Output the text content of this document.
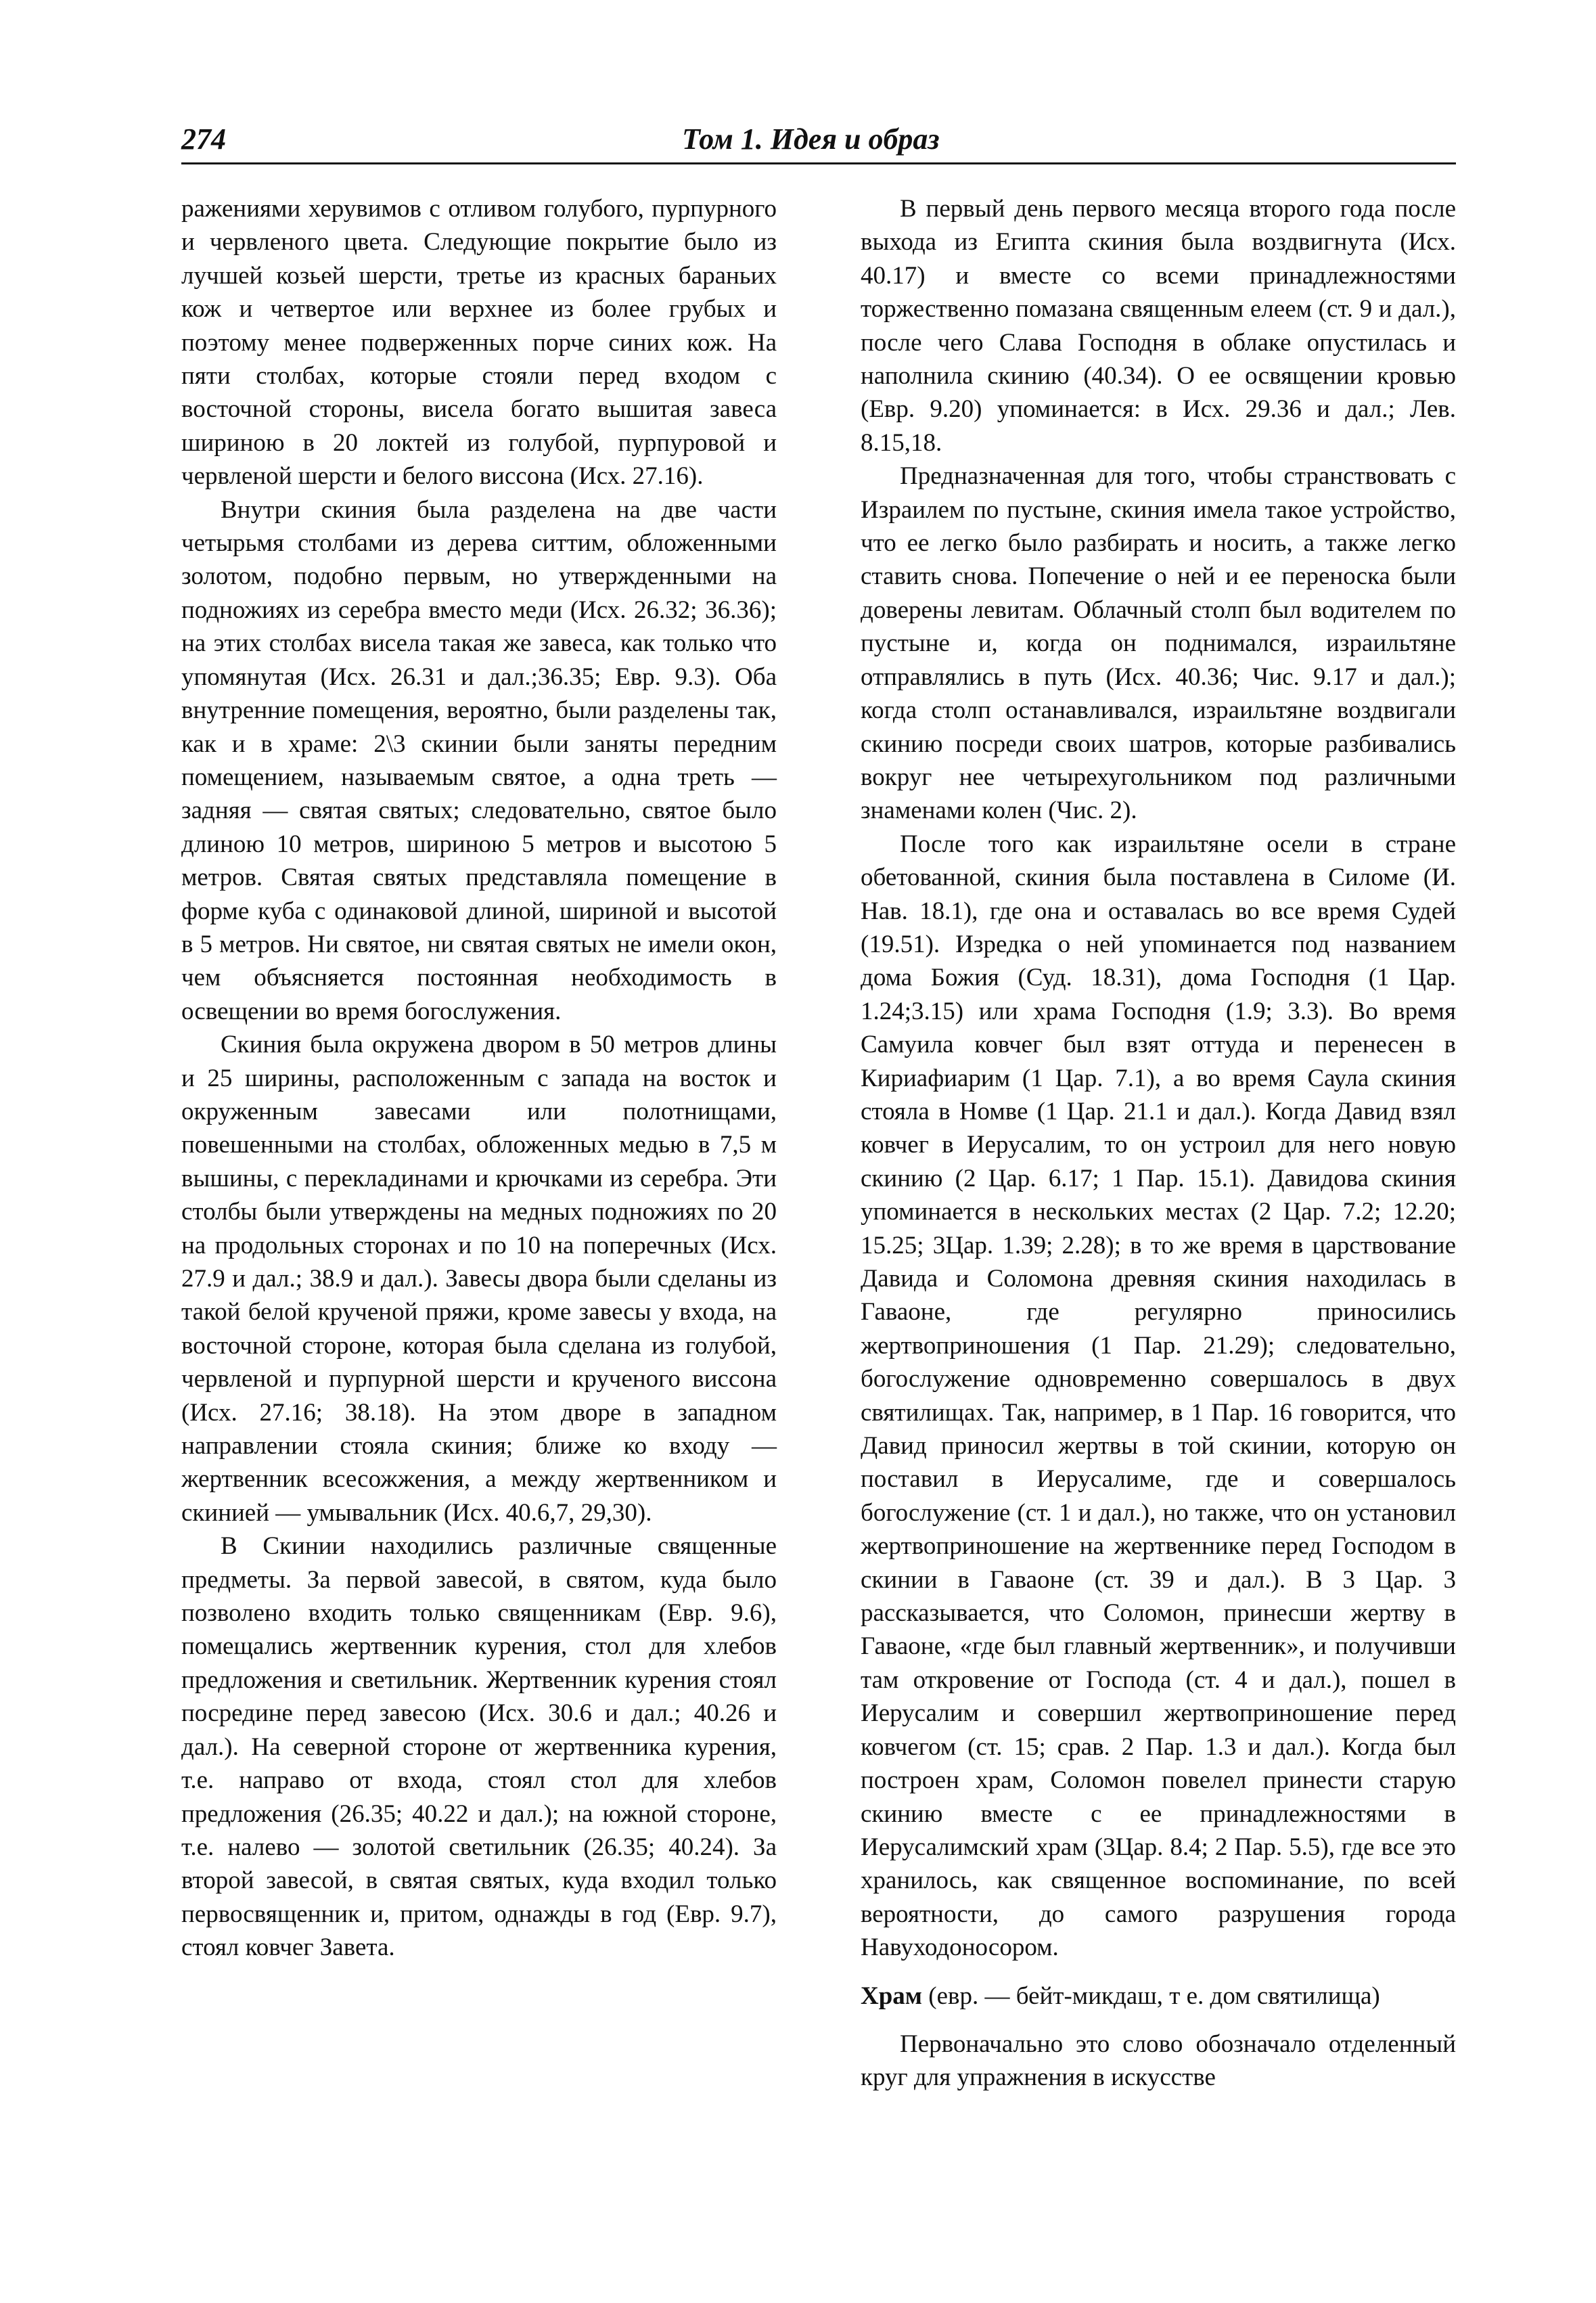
274	Том 1. Идея и образ

ражениями херувимов с отливом голубого, пурпурного и червленого цвета. Следующие покрытие было из лучшей козьей шерсти, третье из красных бараньих кож и четвертое или верхнее из более грубых и поэтому менее подверженных порче синих кож. На пяти столбах, которые стояли перед входом с восточной стороны, висела богато вышитая завеса шириною в 20 локтей из голубой, пурпуровой и червленой шерсти и белого виссона (Исх. 27.16).

Внутри скиния была разделена на две части четырьмя столбами из дерева ситтим, обложенными золотом, подобно первым, но утвержденными на подножиях из серебра вместо меди (Исх. 26.32; 36.36); на этих столбах висела такая же завеса, как только что упомянутая (Исх. 26.31 и дал.;36.35; Евр. 9.3). Оба внутренние помещения, вероятно, были разделены так, как и в храме: 2\3 скинии были заняты передним помещением, называемым святое, а одна треть — задняя — святая святых; следовательно, святое было длиною 10 метров, шириною 5 метров и высотою 5 метров. Святая святых представляла помещение в форме куба с одинаковой длиной, шириной и высотой в 5 метров. Ни святое, ни святая святых не имели окон, чем объясняется постоянная необходимость в освещении во время богослужения.

Скиния была окружена двором в 50 метров длины и 25 ширины, расположенным с запада на восток и окруженным завесами или полотнищами, повешенными на столбах, обложенных медью в 7,5 м вышины, с перекладинами и крючками из серебра. Эти столбы были утверждены на медных подножиях по 20 на продольных сторонах и по 10 на поперечных (Исх. 27.9 и дал.; 38.9 и дал.). Завесы двора были сделаны из такой белой крученой пряжи, кроме завесы у входа, на восточной стороне, которая была сделана из голубой, червленой и пурпурной шерсти и крученого виссона (Исх. 27.16; 38.18). На этом дворе в западном направлении стояла скиния; ближе ко входу — жертвенник всесожжения, а между жертвенником и скинией — умывальник (Исх. 40.6,7, 29,30).

В Скинии находились различные священные предметы. За первой завесой, в святом, куда было позволено входить только священникам (Евр. 9.6), помещались жертвенник курения, стол для хлебов предложения и светильник. Жертвенник курения стоял посредине перед завесою (Исх. 30.6 и дал.; 40.26 и дал.). На северной стороне от жертвенника курения, т.е. направо от входа, стоял стол для хлебов предложения (26.35; 40.22 и дал.); на южной стороне, т.е. налево — золотой светильник (26.35; 40.24). За второй завесой, в святая святых, куда входил только первосвященник и, притом, однажды в год (Евр. 9.7), стоял ковчег Завета.

В первый день первого месяца второго года после выхода из Египта скиния была воздвигнута (Исх. 40.17) и вместе со всеми принадлежностями торжественно помазана священным елеем (ст. 9 и дал.), после чего Слава Господня в облаке опустилась и наполнила скинию (40.34). О ее освящении кровью (Евр. 9.20) упоминается: в Исх. 29.36 и дал.; Лев. 8.15,18.

Предназначенная для того, чтобы странствовать с Израилем по пустыне, скиния имела такое устройство, что ее легко было разбирать и носить, а также легко ставить снова. Попечение о ней и ее переноска были доверены левитам. Облачный столп был водителем по пустыне и, когда он поднимался, израильтяне отправлялись в путь (Исх. 40.36; Чис. 9.17 и дал.); когда столп останавливался, израильтяне воздвигали скинию посреди своих шатров, которые разбивались вокруг нее четырехугольником под различными знаменами колен (Чис. 2).

После того как израильтяне осели в стране обетованной, скиния была поставлена в Силоме (И. Нав. 18.1), где она и оставалась во все время Судей (19.51). Изредка о ней упоминается под названием дома Божия (Суд. 18.31), дома Господня (1 Цар. 1.24;3.15) или храма Господня (1.9; 3.3). Во время Самуила ковчег был взят оттуда и перенесен в Кириафиарим (1 Цар. 7.1), а во время Саула скиния стояла в Номве (1 Цар. 21.1 и дал.). Когда Давид взял ковчег в Иерусалим, то он устроил для него новую скинию (2 Цар. 6.17; 1 Пар. 15.1). Давидова скиния упоминается в нескольких местах (2 Цар. 7.2; 12.20; 15.25; 3Цар. 1.39; 2.28); в то же время в царствование Давида и Соломона древняя скиния находилась в Гаваоне, где регулярно приносились жертвоприношения (1 Пар. 21.29); следовательно, богослужение одновременно совершалось в двух святилищах. Так, например, в 1 Пар. 16 говорится, что Давид приносил жертвы в той скинии, которую он поставил в Иерусалиме, где и совершалось богослужение (ст. 1 и дал.), но также, что он установил жертвоприношение на жертвеннике перед Господом в скинии в Гаваоне (ст. 39 и дал.). В 3 Цар. 3 рассказывается, что Соломон, принесши жертву в Гаваоне, «где был главный жертвенник», и получивши там откровение от Господа (ст. 4 и дал.), пошел в Иерусалим и совершил жертвоприношение перед ковчегом (ст. 15; срав. 2 Пар. 1.3 и дал.). Когда был построен храм, Соломон повелел принести старую скинию вместе с ее принадлежностями в Иерусалимский храм (3Цар. 8.4; 2 Пар. 5.5), где все это хранилось, как священное воспоминание, по всей вероятности, до самого разрушения города Навуходоносором.

Храм (евр. — бейт-микдаш, т е. дом святилища)

Первоначально это слово обозначало отделенный круг для упражнения в искусстве
